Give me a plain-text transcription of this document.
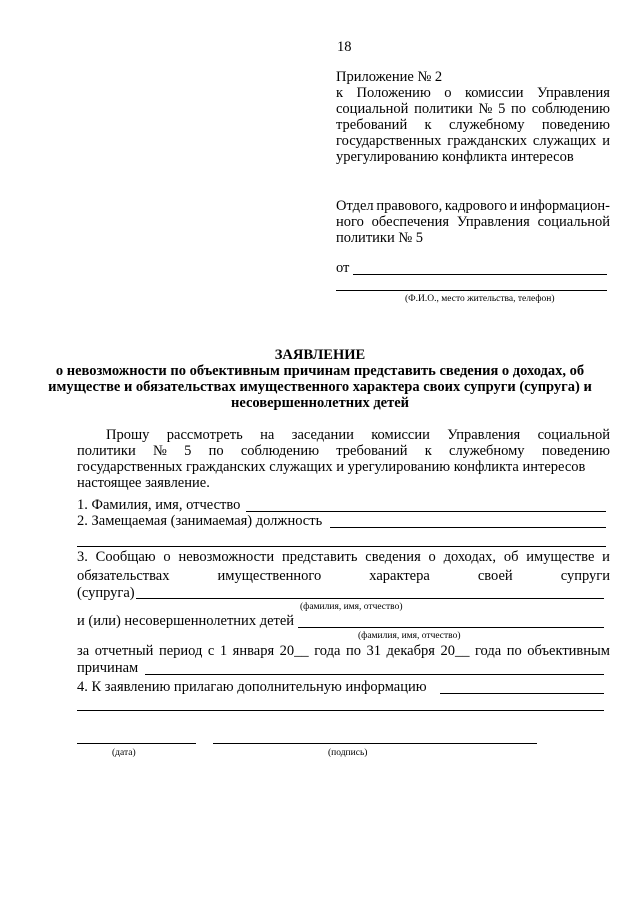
18
Приложение № 2
к Положению о комиссии Управления
социальной политики № 5 по соблюдению
требований к служебному поведению
государственных гражданских служащих и
урегулированию конфликта интересов
Отдел правового, кадрового и информацион-
ного обеспечения Управления социальной
политики № 5
от
(Ф.И.О., место жительства, телефон)
ЗАЯВЛЕНИЕ
о невозможности по объективным причинам представить сведения о доходах, об
имуществе и обязательствах имущественного характера своих супруги (супруга) и
несовершеннолетних детей
Прошу рассмотреть на заседании комиссии Управления социальной
политики № 5 по соблюдению требований к служебному поведению
государственных гражданских служащих и урегулированию конфликта интересов
настоящее заявление.
1. Фамилия, имя, отчество
2. Замещаемая (занимаемая) должность
3. Сообщаю о невозможности представить сведения о доходах, об имуществе и
обязательствах	имущественного	характера	своей	супруги
(супруга)
(фамилия, имя, отчество)
и (или) несовершеннолетних детей
(фамилия, имя, отчество)
за отчетный период с 1 января 20__ года по 31 декабря 20__ года по объективным
причинам
4. К заявлению прилагаю дополнительную информацию
(дата)	(подпись)
